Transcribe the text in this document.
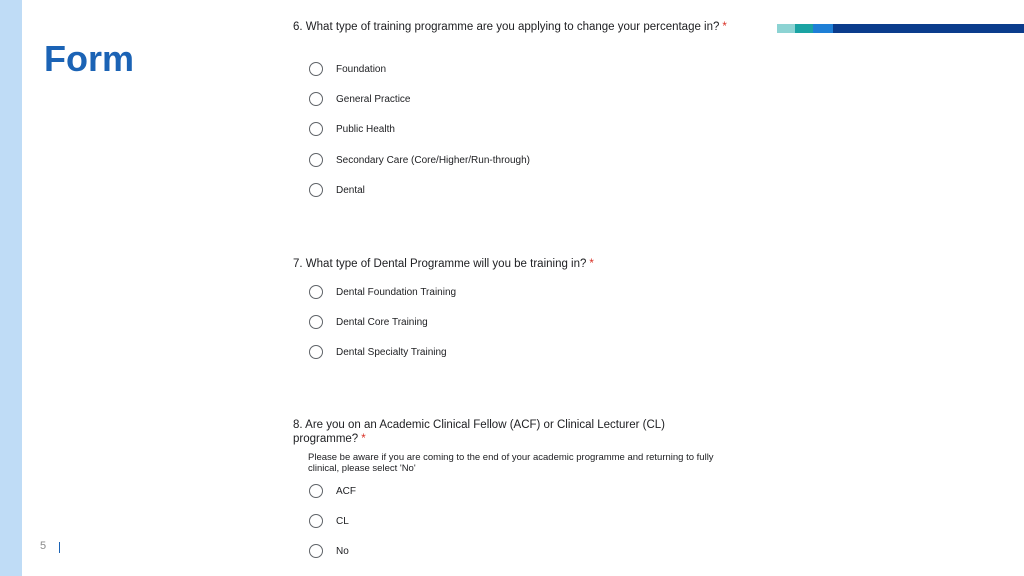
Form

6. What type of training programme are you applying to change your percentage in? *

Foundation
General Practice
Public Health
Secondary Care (Core/Higher/Run-through)
Dental

7. What type of Dental Programme will you be training in? *

Dental Foundation Training
Dental Core Training
Dental Specialty Training

8. Are you on an Academic Clinical Fellow (ACF) or Clinical Lecturer (CL) programme? *

Please be aware if you are coming to the end of your academic programme and returning to fully clinical, please select 'No'

ACF
CL
No
5
